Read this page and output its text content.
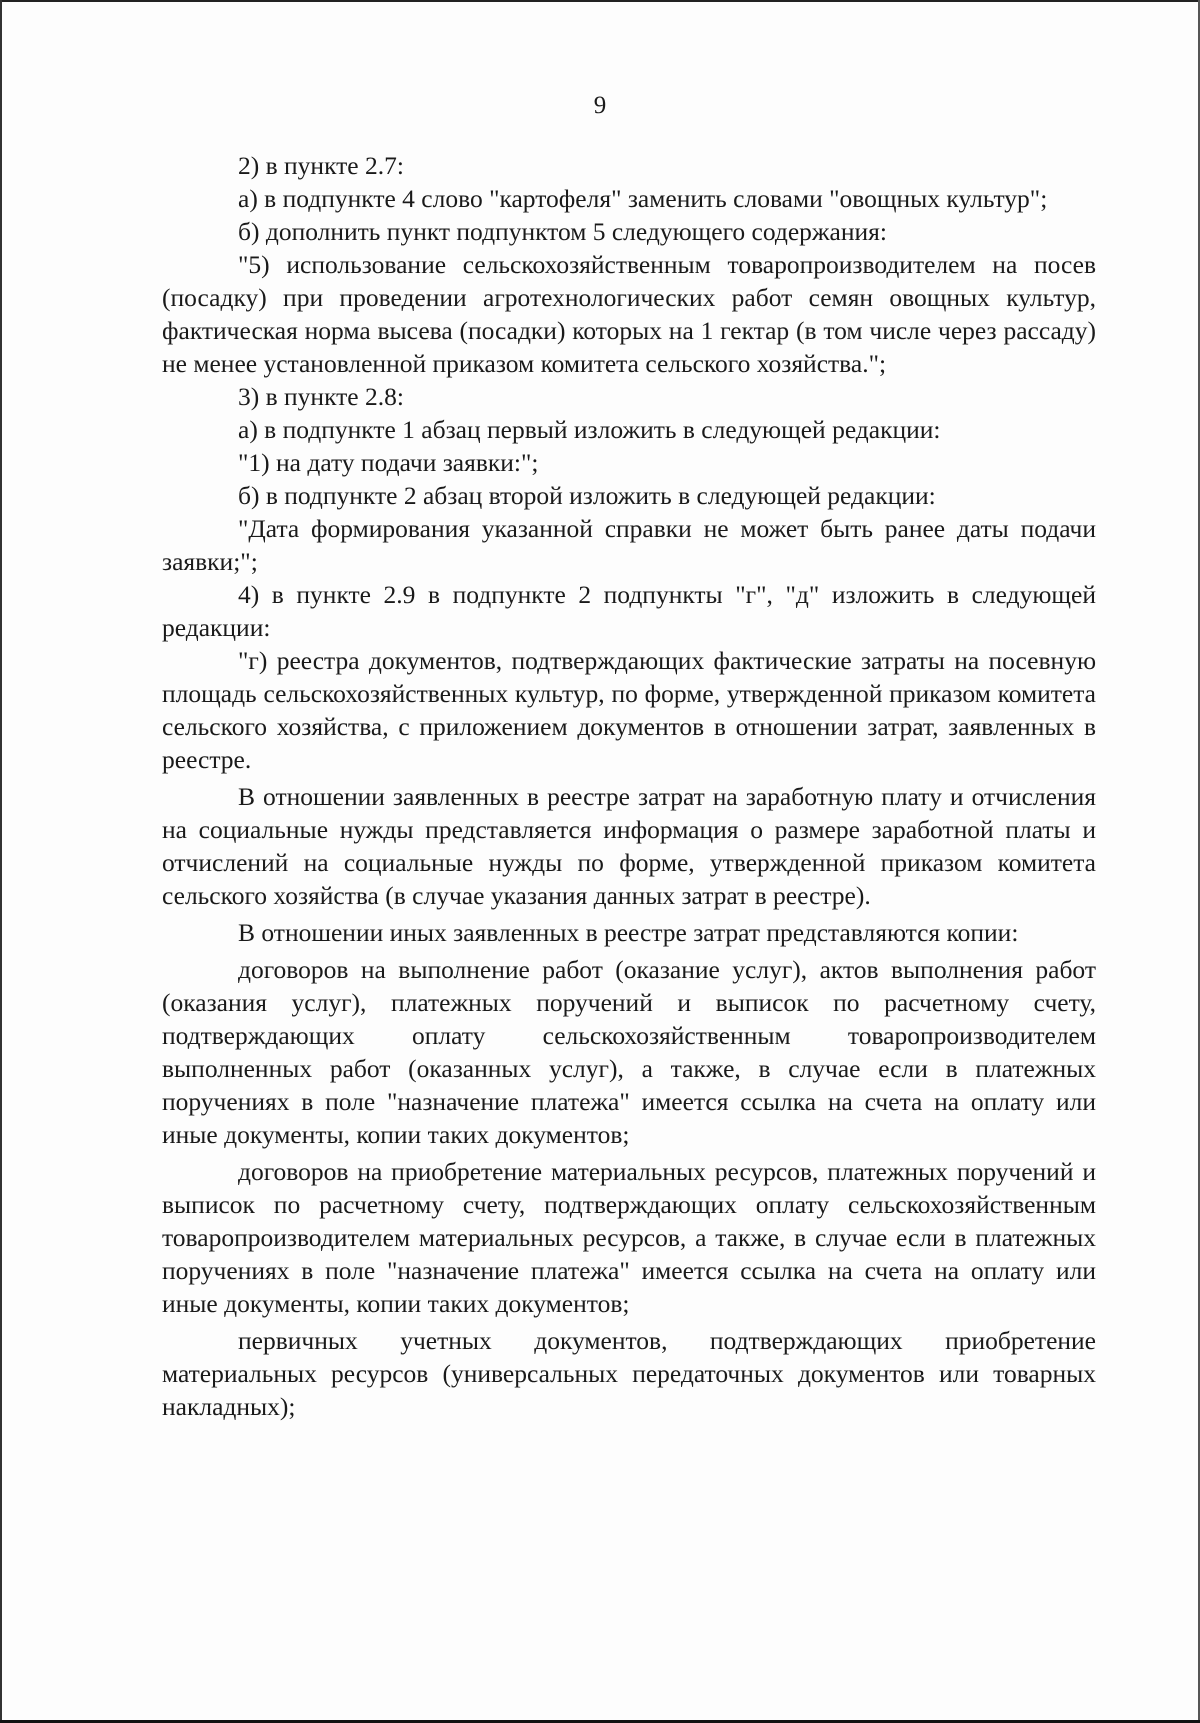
9

2) в пункте 2.7:

а) в подпункте 4 слово "картофеля" заменить словами "овощных культур";

б) дополнить пункт подпунктом 5 следующего содержания:

"5) использование сельскохозяйственным товаропроизводителем на посев (посадку) при проведении агротехнологических работ семян овощных культур, фактическая норма высева (посадки) которых на 1 гектар (в том числе через рассаду) не менее установленной приказом комитета сельского хозяйства.";

3) в пункте 2.8:

а) в подпункте 1 абзац первый изложить в следующей редакции:

"1) на дату подачи заявки:";

б) в подпункте 2 абзац второй изложить в следующей редакции:

"Дата формирования указанной справки не может быть ранее даты подачи заявки;";

4) в пункте 2.9 в подпункте 2 подпункты "г", "д" изложить в следующей редакции:

"г) реестра документов, подтверждающих фактические затраты на посевную площадь сельскохозяйственных культур, по форме, утвержденной приказом комитета сельского хозяйства, с приложением документов в отношении затрат, заявленных в реестре.

В отношении заявленных в реестре затрат на заработную плату и отчисления на социальные нужды представляется информация о размере заработной платы и отчислений на социальные нужды по форме, утвержденной приказом комитета сельского хозяйства (в случае указания данных затрат в реестре).

В отношении иных заявленных в реестре затрат представляются копии:

договоров на выполнение работ (оказание услуг), актов выполнения работ (оказания услуг), платежных поручений и выписок по расчетному счету, подтверждающих оплату сельскохозяйственным товаропроизводителем выполненных работ (оказанных услуг), а также, в случае если в платежных поручениях в поле "назначение платежа" имеется ссылка на счета на оплату или иные документы, копии таких документов;

договоров на приобретение материальных ресурсов, платежных поручений и выписок по расчетному счету, подтверждающих оплату сельскохозяйственным товаропроизводителем материальных ресурсов, а также, в случае если в платежных поручениях в поле "назначение платежа" имеется ссылка на счета на оплату или иные документы, копии таких документов;

первичных учетных документов, подтверждающих приобретение материальных ресурсов (универсальных передаточных документов или товарных накладных);
